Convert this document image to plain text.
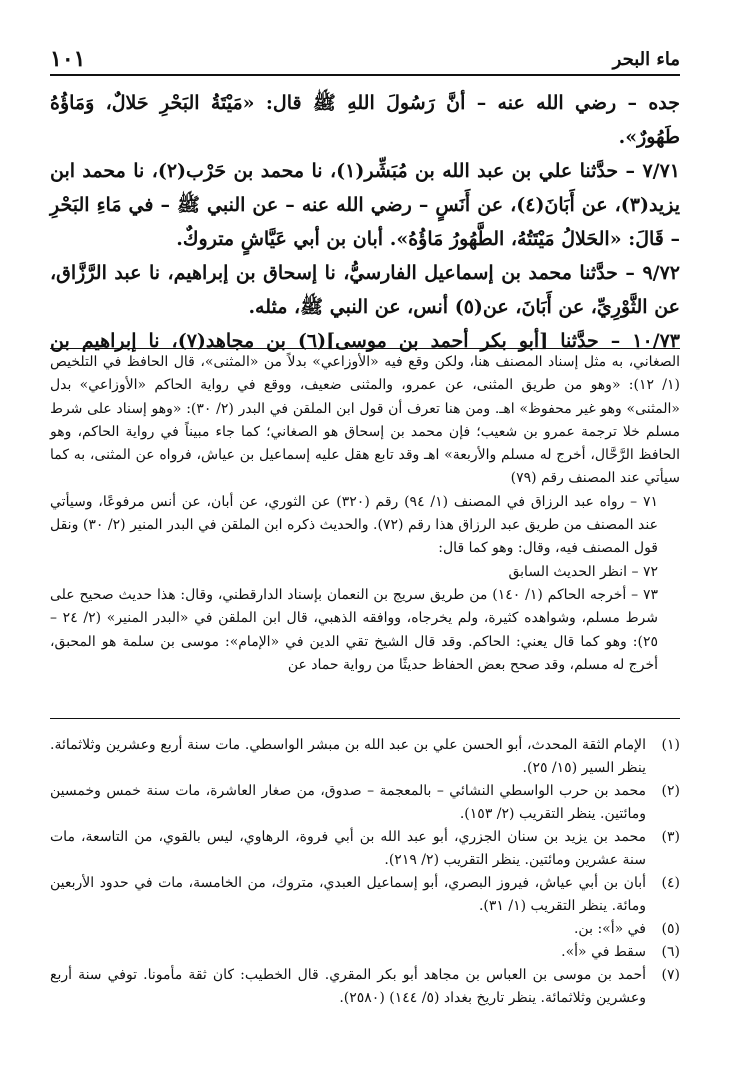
ماء البحر
١٠١

جده – رضي الله عنه – أنَّ رَسُولَ اللهِ ﷺ قال: «مَيْتَةُ البَحْرِ حَلالٌ، وَمَاؤُهُ طَهُورٌ».

٧/٧١ – حدَّثنا علي بن عبد الله بن مُبَشِّر(١)، نا محمد بن حَرْب(٢)، نا محمد ابن يزيد(٣)، عن أَبَانَ(٤)، عن أَنَسٍ – رضي الله عنه – عن النبي ﷺ – في مَاءِ البَحْرِ – قَالَ: «الحَلالُ مَيْتَتُهُ، الطَّهُورُ مَاؤُهُ». أبان بن أبي عَيَّاشٍ متروكٌ.

٩/٧٢ – حدَّثنا محمد بن إسماعيل الفارسيُّ، نا إسحاق بن إبراهيم، نا عبد الرَّزَّاق، عن الثَّوْرِيِّ، عن أَبَانَ، عن(٥) أنس، عن النبي ﷺ، مثله.

١٠/٧٣ – حدَّثنا [أبو بكر أحمد بن موسى](٦) بن مجاهد(٧)، نا إبراهيم بن

الصغاني، به مثل إسناد المصنف هنا، ولكن وقع فيه «الأوزاعي» بدلاً من «المثنى»، قال الحافظ في التلخيص (١/ ١٢): «وهو من طريق المثنى، عن عمرو، والمثنى ضعيف، ووقع في رواية الحاكم «الأوزاعي» بدل «المثنى» وهو غير محفوظ» اهـ. ومن هنا تعرف أن قول ابن الملقن في البدر (٢/ ٣٠): «وهو إسناد على شرط مسلم خلا ترجمة عمرو بن شعيب؛ فإن محمد بن إسحاق هو الصغاني؛ كما جاء مبيناً في رواية الحاكم، وهو الحافظ الرَّحَّال، أخرج له مسلم والأربعة» اهـ وقد تابع هقل عليه إسماعيل بن عياش، فرواه عن المثنى، به كما سيأتي عند المصنف رقم (٧٩)

٧١ – رواه عبد الرزاق في المصنف (١/ ٩٤) رقم (٣٢٠) عن الثوري، عن أبان، عن أنس مرفوعًا، وسيأتي عند المصنف من طريق عبد الرزاق هذا رقم (٧٢). والحديث ذكره ابن الملقن في البدر المنير (٢/ ٣٠) ونقل قول المصنف فيه، وقال: وهو كما قال:

٧٢ – انظر الحديث السابق

٧٣ – أخرجه الحاكم (١/ ١٤٠) من طريق سريج بن النعمان بإسناد الدارقطني، وقال: هذا حديث صحيح على شرط مسلم، وشواهده كثيرة، ولم يخرجاه، ووافقه الذهبي، قال ابن الملقن في «البدر المنير» (٢/ ٢٤ – ٢٥): وهو كما قال يعني: الحاكم. وقد قال الشيخ تقي الدين في «الإمام»: موسى بن سلمة هو المحبق، أخرج له مسلم، وقد صحح بعض الحفاظ حديثًا من رواية حماد عن

(١)
الإمام الثقة المحدث، أبو الحسن علي بن عبد الله بن مبشر الواسطي. مات سنة أربع وعشرين وثلاثمائة. ينظر السير (١٥/ ٢٥).
(٢)
محمد بن حرب الواسطي النشائي – بالمعجمة – صدوق، من صغار العاشرة، مات سنة خمس وخمسين ومائتين. ينظر التقريب (٢/ ١٥٣).
(٣)
محمد بن يزيد بن سنان الجزري، أبو عبد الله بن أبي فروة، الرهاوي، ليس بالقوي، من التاسعة، مات سنة عشرين ومائتين. ينظر التقريب (٢/ ٢١٩).
(٤)
أبان بن أبي عياش، فيروز البصري، أبو إسماعيل العبدي، متروك، من الخامسة، مات في حدود الأربعين ومائة. ينظر التقريب (١/ ٣١).
(٥)
في «أ»: بن.
(٦)
سقط في «أ».
(٧)
أحمد بن موسى بن العباس بن مجاهد أبو بكر المقري. قال الخطيب: كان ثقة مأمونا. توفي سنة أربع وعشرين وثلاثمائة. ينظر تاريخ بغداد (٥/ ١٤٤) (٢٥٨٠).
